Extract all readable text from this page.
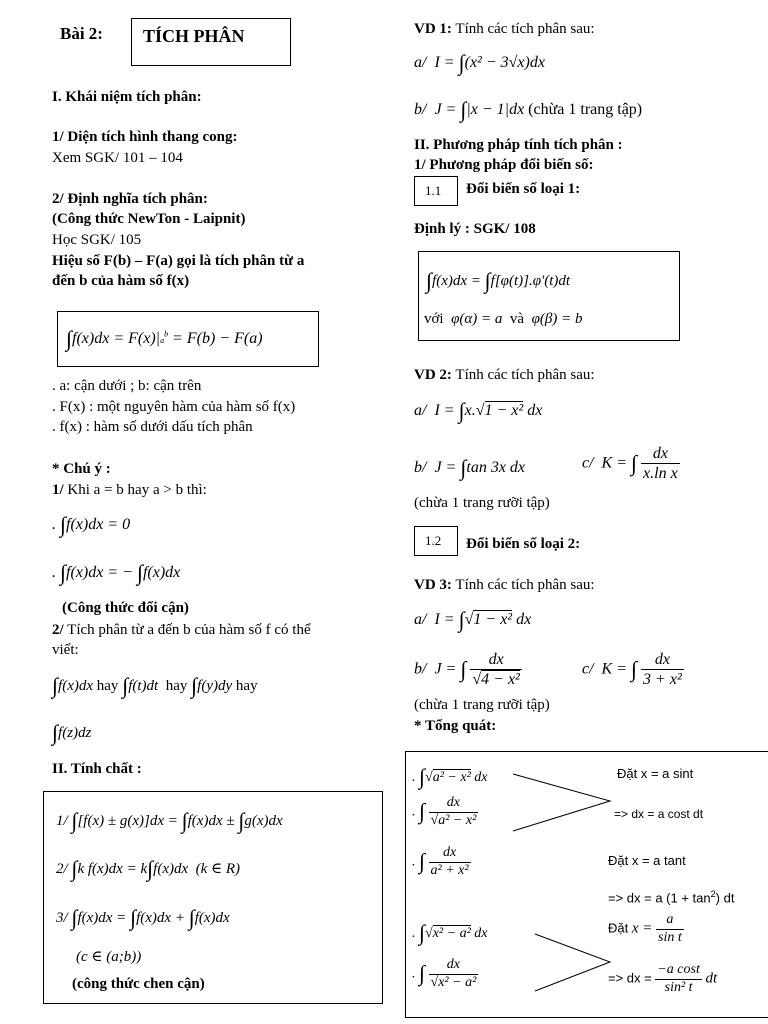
Bài 2: TÍCH PHÂN
I. Khái niệm tích phân:
1/ Diện tích hình thang cong:
Xem SGK/ 101 – 104
2/ Định nghĩa tích phân:
(Công thức NewTon - Laipnit)
Học SGK/ 105
Hiệu số F(b) – F(a) gọi là tích phân từ a
đến b của hàm số f(x)
$\int f(x)dx = F(x)|a^b = F(b) - F(a)$
. a: cận dưới ; b: cận trên
. F(x) : một nguyên hàm của hàm số f(x)
. f(x) : hàm số dưới dấu tích phân
* Chú ý :
1/ Khi a = b hay a > b thì:
. ∫f(x)dx = 0
. ∫f(x)dx = − ∫f(x)dx
(Công thức đổi cận)
2/ Tích phân từ a đến b của hàm số f có thể
viết:
∫f(x)dx hay ∫f(t)dt hay ∫f(y)dy hay
∫f(z)dz
II. Tính chất :
1/ ∫[f(x) ± g(x)]dx = ∫f(x)dx ± ∫g(x)dx
2/ ∫k f(x)dx = k∫f(x)dx  (k ∈ R)
3/ ∫f(x)dx = ∫f(x)dx + ∫f(x)dx
(c ∈ (a;b))
(công thức chen cận)
VD 1: Tính các tích phân sau:
a/  I = ∫(x² − 3√x)dx
b/  J = ∫|x − 1|dx (chừa 1 trang tập)
II. Phương pháp tính tích phân :
1/ Phương pháp đổi biến số:
1.1 Đổi biến số loại 1:
Định lý : SGK/ 108
∫f(x)dx = ∫f[φ(t)].φ'(t)dt
với  φ(α) = a và  φ(β) = b
VD 2: Tính các tích phân sau:
a/  I = ∫x.√1 − x² dx
b/  J = ∫tan 3x dx	c/  K = ∫ $\frac{dx}{\text{x.ln x}}$
(chừa 1 trang rưỡi tập)
1.2 Đổi biến số loại 2:
VD 3: Tính các tích phân sau:
a/  I = ∫√1 − x² dx
b/  J = ∫ $\frac{dx}{\text{√4 − x²}}$	c/  K = ∫ $\frac{dx}{\text{3 + x²}}$
(chừa 1 trang rưỡi tập)
* Tổng quát:
. ∫√a² − x² dx
. ∫ $\frac{dx}{\text{√a² − x²}}$
. ∫ $\frac{dx}{\text{a² + x²}}$
. ∫√x² − a² dx
. ∫ $\frac{dx}{\text{√x² − a²}}$
Đặt x = a sint
=> dx = a cost dt
Đặt x = a tant
=> dx = a $(1 + \tan^2)$ dt
Đặt $x = \frac{a}{\text{sin t}}$
=> dx = $\frac{\text{−a cost}}{\text{sin² t}}$ dt
